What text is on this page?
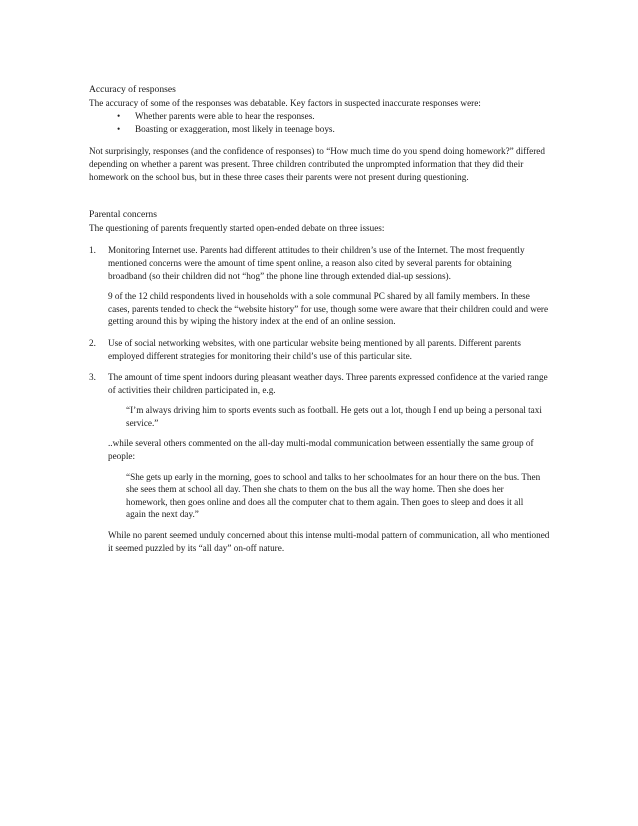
Accuracy of responses

The accuracy of some of the responses was debatable. Key factors in suspected inaccurate responses were:

• Whether parents were able to hear the responses.
• Boasting or exaggeration, most likely in teenage boys.

Not surprisingly, responses (and the confidence of responses) to “How much time do you spend doing homework?” differed depending on whether a parent was present. Three children contributed the unprompted information that they did their homework on the school bus, but in these three cases their parents were not present during questioning.

Parental concerns

The questioning of parents frequently started open-ended debate on three issues:

1. Monitoring Internet use. Parents had different attitudes to their children’s use of the Internet. The most frequently mentioned concerns were the amount of time spent online, a reason also cited by several parents for obtaining broadband (so their children did not “hog” the phone line through extended dial-up sessions).

9 of the 12 child respondents lived in households with a sole communal PC shared by all family members. In these cases, parents tended to check the “website history” for use, though some were aware that their children could and were getting around this by wiping the history index at the end of an online session.

2. Use of social networking websites, with one particular website being mentioned by all parents. Different parents employed different strategies for monitoring their child’s use of this particular site.

3. The amount of time spent indoors during pleasant weather days. Three parents expressed confidence at the varied range of activities their children participated in, e.g.

“I’m always driving him to sports events such as football. He gets out a lot, though I end up being a personal taxi service.”

..while several others commented on the all-day multi-modal communication between essentially the same group of people:

“She gets up early in the morning, goes to school and talks to her schoolmates for an hour there on the bus. Then she sees them at school all day. Then she chats to them on the bus all the way home. Then she does her homework, then goes online and does all the computer chat to them again. Then goes to sleep and does it all again the next day.”

While no parent seemed unduly concerned about this intense multi-modal pattern of communication, all who mentioned it seemed puzzled by its “all day” on-off nature.
